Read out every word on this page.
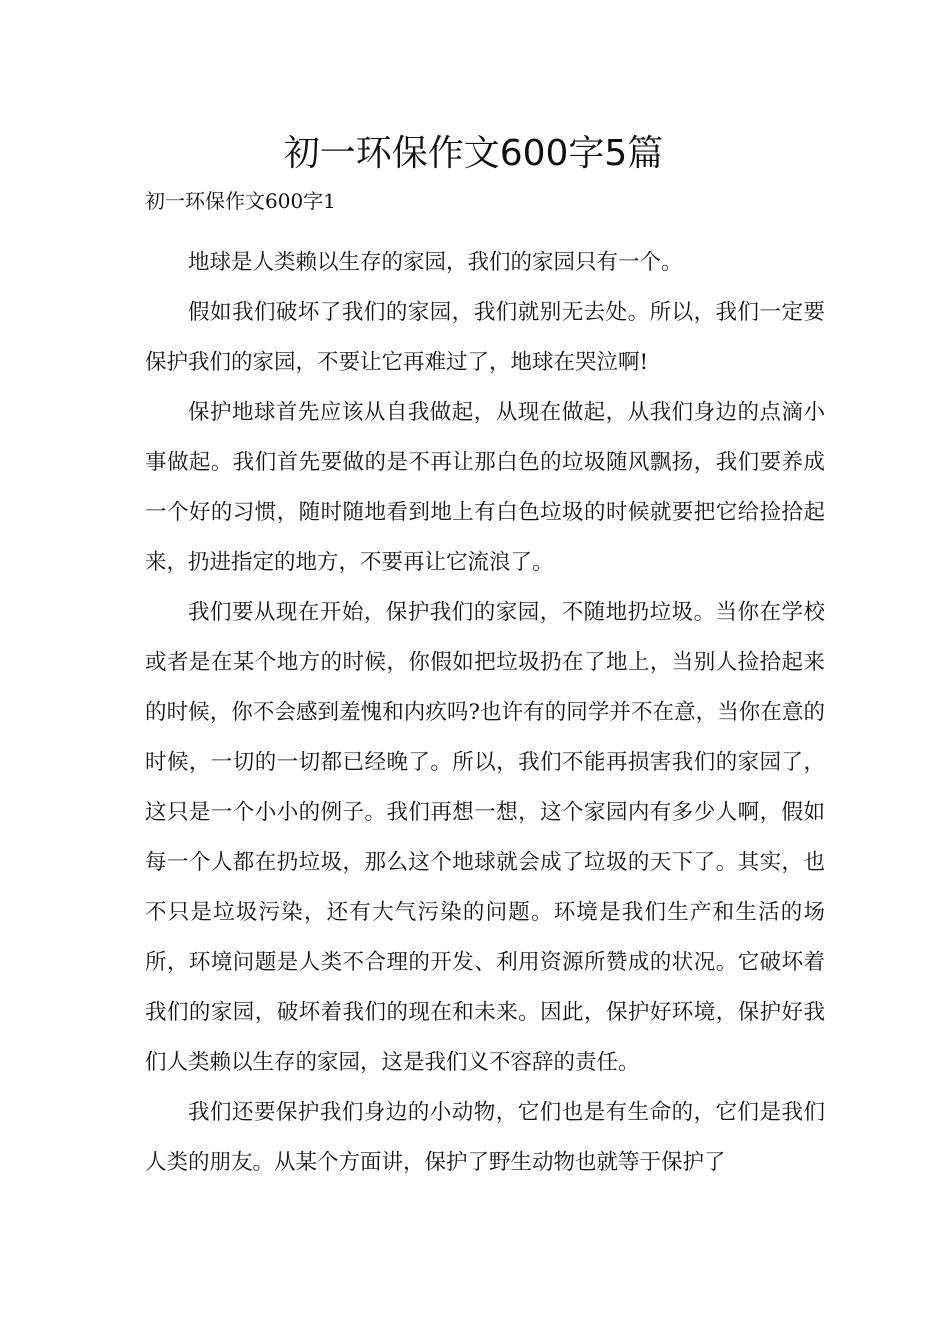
初一环保作文600字5篇
初一环保作文600字1

地球是人类赖以生存的家园，我们的家园只有一个。

假如我们破坏了我们的家园，我们就别无去处。所以，我们一定要保护我们的家园，不要让它再难过了，地球在哭泣啊!

保护地球首先应该从自我做起，从现在做起，从我们身边的点滴小事做起。我们首先要做的是不再让那白色的垃圾随风飘扬，我们要养成一个好的习惯，随时随地看到地上有白色垃圾的时候就要把它给捡拾起来，扔进指定的地方，不要再让它流浪了。

我们要从现在开始，保护我们的家园，不随地扔垃圾。当你在学校或者是在某个地方的时候，你假如把垃圾扔在了地上，当别人捡拾起来的时候，你不会感到羞愧和内疚吗?也许有的同学并不在意，当你在意的时候，一切的一切都已经晚了。所以，我们不能再损害我们的家园了，这只是一个小小的例子。我们再想一想，这个家园内有多少人啊，假如每一个人都在扔垃圾，那么这个地球就会成了垃圾的天下了。其实，也不只是垃圾污染，还有大气污染的问题。环境是我们生产和生活的场所，环境问题是人类不合理的开发、利用资源所赞成的状况。它破坏着我们的家园，破坏着我们的现在和未来。因此，保护好环境，保护好我们人类赖以生存的家园，这是我们义不容辞的责任。

我们还要保护我们身边的小动物，它们也是有生命的，它们是我们人类的朋友。从某个方面讲，保护了野生动物也就等于保护了
